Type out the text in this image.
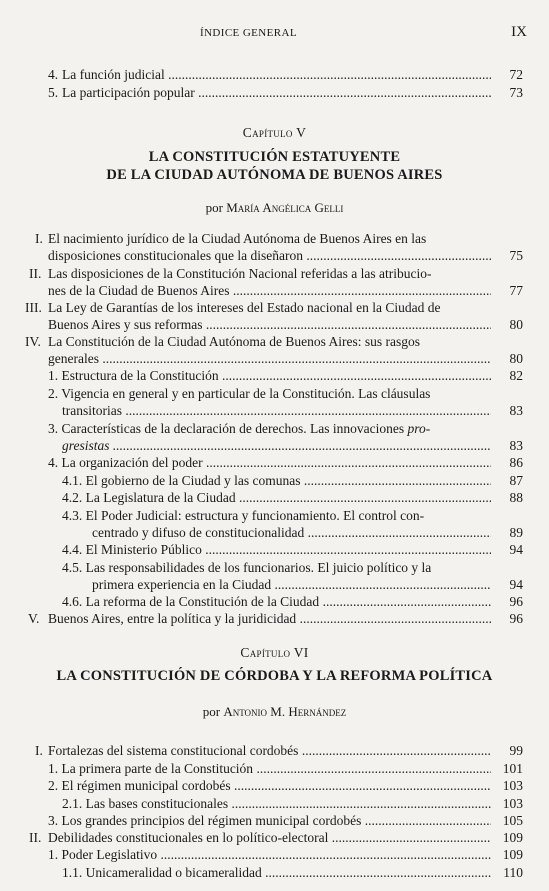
ÍNDICE GENERAL	IX
4. La función judicial .....	72
5. La participación popular .....	73
Capítulo V
LA CONSTITUCIÓN ESTATUYENTE
DE LA CIUDAD AUTÓNOMA DE BUENOS AIRES
por María Angélica Gelli
I. El nacimiento jurídico de la Ciudad Autónoma de Buenos Aires en las
disposiciones constitucionales que la diseñaron .....	75
II. Las disposiciones de la Constitución Nacional referidas a las atribucio-
nes de la Ciudad de Buenos Aires .....	77
III. La Ley de Garantías de los intereses del Estado nacional en la Ciudad de
Buenos Aires y sus reformas .....	80
IV. La Constitución de la Ciudad Autónoma de Buenos Aires: sus rasgos
generales .....	80
1. Estructura de la Constitución .....	82
2. Vigencia en general y en particular de la Constitución. Las cláusulas
transitorias .....	83
3. Características de la declaración de derechos. Las innovaciones pro-
gresistas .....	83
4. La organización del poder .....	86
4.1. El gobierno de la Ciudad y las comunas .....	87
4.2. La Legislatura de la Ciudad .....	88
4.3. El Poder Judicial: estructura y funcionamiento. El control con-
centrado y difuso de constitucionalidad .....	89
4.4. El Ministerio Público .....	94
4.5. Las responsabilidades de los funcionarios. El juicio político y la
primera experiencia en la Ciudad .....	94
4.6. La reforma de la Constitución de la Ciudad .....	96
V. Buenos Aires, entre la política y la juridicidad .....	96
Capítulo VI
LA CONSTITUCIÓN DE CÓRDOBA Y LA REFORMA POLÍTICA
por Antonio M. Hernández
I. Fortalezas del sistema constitucional cordobés .....	99
1. La primera parte de la Constitución .....	101
2. El régimen municipal cordobés .....	103
2.1. Las bases constitucionales .....	103
3. Los grandes principios del régimen municipal cordobés .....	105
II. Debilidades constitucionales en lo político-electoral .....	109
1. Poder Legislativo .....	109
1.1. Unicameralidad o bicameralidad .....	110
